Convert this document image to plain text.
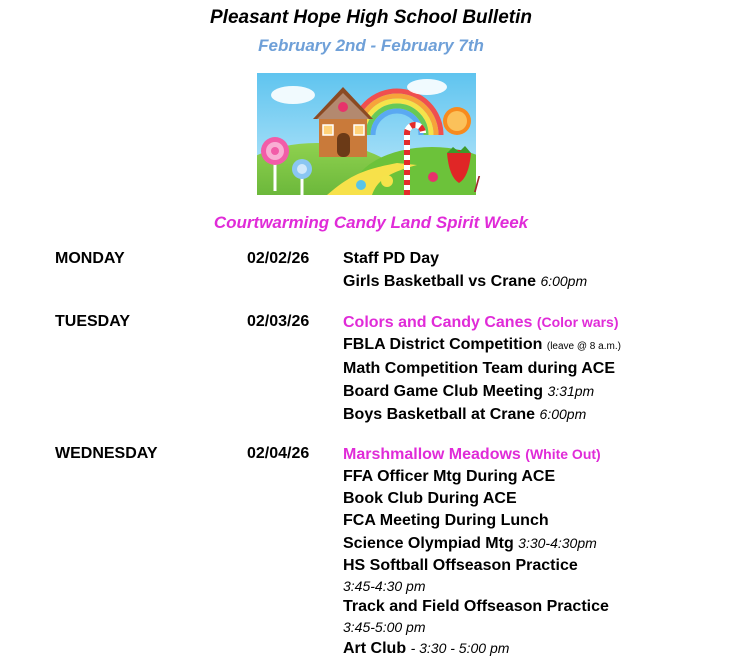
Pleasant Hope High School Bulletin
February 2nd - February 7th
/
Courtwarming Candy Land Spirit Week
MONDAY	02/02/26 Staff PD Day
Girls Basketball vs Crane 6:00pm
TUESDAY	02/03/26 Colors and Candy Canes (Color wars)
FBLA District Competition (leave @ 8 a.m.)
Math Competition Team during ACE
Board Game Club Meeting 3:31pm
Boys Basketball at Crane 6:00pm
WEDNESDAY	02/04/26 Marshmallow Meadows (White Out)
FFA Officer Mtg During ACE
Book Club During ACE
FCA Meeting During Lunch
Science Olympiad Mtg 3:30-4:30pm
HS Softball Offseason Practice
3:45-4:30 pm
Track and Field Offseason Practice
3:45-5:00 pm
Art Club - 3:30 - 5:00 pm
